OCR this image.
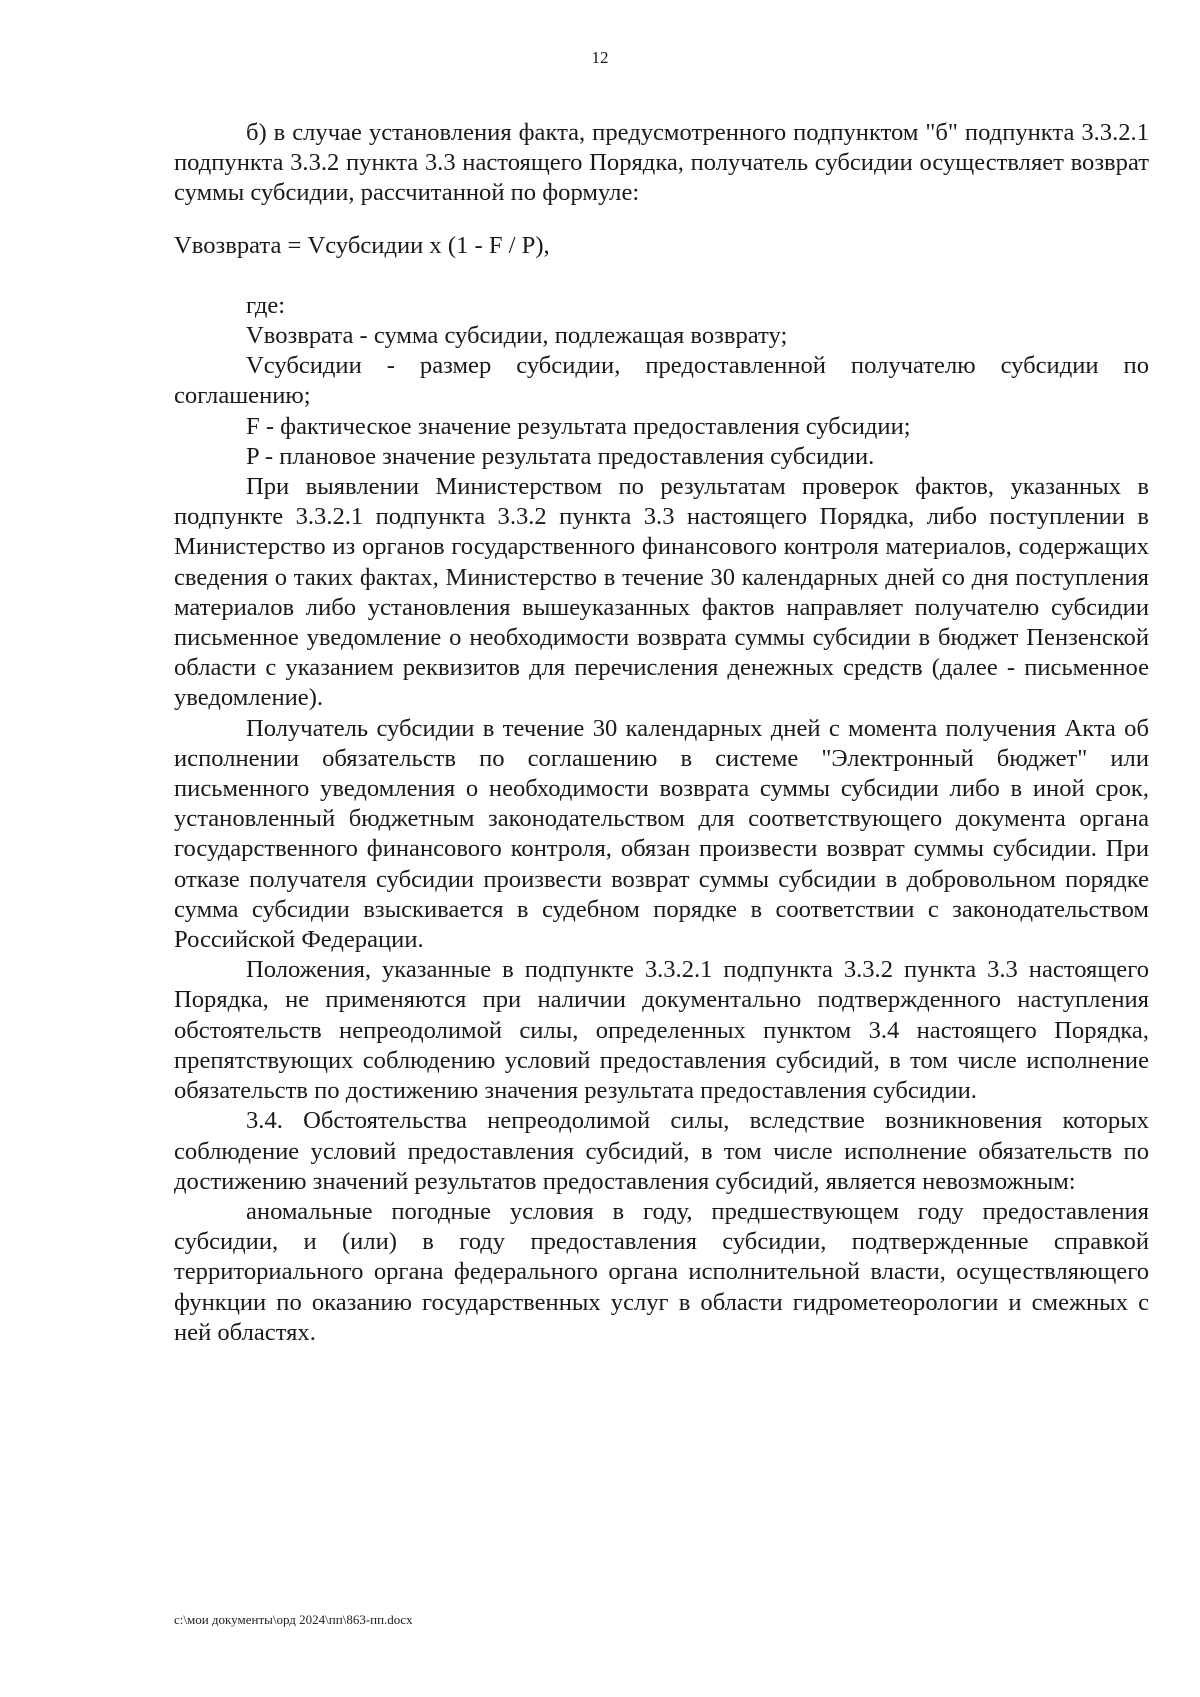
12

б) в случае установления факта, предусмотренного подпунктом "б" подпункта 3.3.2.1 подпункта 3.3.2 пункта 3.3 настоящего Порядка, получатель субсидии осуществляет возврат суммы субсидии, рассчитанной по формуле:

Vвозврата = Vсубсидии x (1 - F / P),

где:

Vвозврата - сумма субсидии, подлежащая возврату;

Vсубсидии - размер субсидии, предоставленной получателю субсидии по соглашению;

F - фактическое значение результата предоставления субсидии;

P - плановое значение результата предоставления субсидии.

При выявлении Министерством по результатам проверок фактов, указанных в подпункте 3.3.2.1 подпункта 3.3.2 пункта 3.3 настоящего Порядка, либо поступлении в Министерство из органов государственного финансового контроля материалов, содержащих сведения о таких фактах, Министерство в течение 30 календарных дней со дня поступления материалов либо установления вышеуказанных фактов направляет получателю субсидии письменное уведомление о необходимости возврата суммы субсидии в бюджет Пензенской области с указанием реквизитов для перечисления денежных средств (далее - письменное уведомление).

Получатель субсидии в течение 30 календарных дней с момента получения Акта об исполнении обязательств по соглашению в системе "Электронный бюджет" или письменного уведомления о необходимости возврата суммы субсидии либо в иной срок, установленный бюджетным законодательством для соответствующего документа органа государственного финансового контроля, обязан произвести возврат суммы субсидии. При отказе получателя субсидии произвести возврат суммы субсидии в добровольном порядке сумма субсидии взыскивается в судебном порядке в соответствии с законодательством Российской Федерации.

Положения, указанные в подпункте 3.3.2.1 подпункта 3.3.2 пункта 3.3 настоящего Порядка, не применяются при наличии документально подтвержденного наступления обстоятельств непреодолимой силы, определенных пунктом 3.4 настоящего Порядка, препятствующих соблюдению условий предоставления субсидий, в том числе исполнение обязательств по достижению значения результата предоставления субсидии.

3.4. Обстоятельства непреодолимой силы, вследствие возникновения которых соблюдение условий предоставления субсидий, в том числе исполнение обязательств по достижению значений результатов предоставления субсидий, является невозможным:

аномальные погодные условия в году, предшествующем году предоставления субсидии, и (или) в году предоставления субсидии, подтвержденные справкой территориального органа федерального органа исполнительной власти, осуществляющего функции по оказанию государственных услуг в области гидрометеорологии и смежных с ней областях.

c:\мои документы\орд 2024\пп\863-пп.docx
